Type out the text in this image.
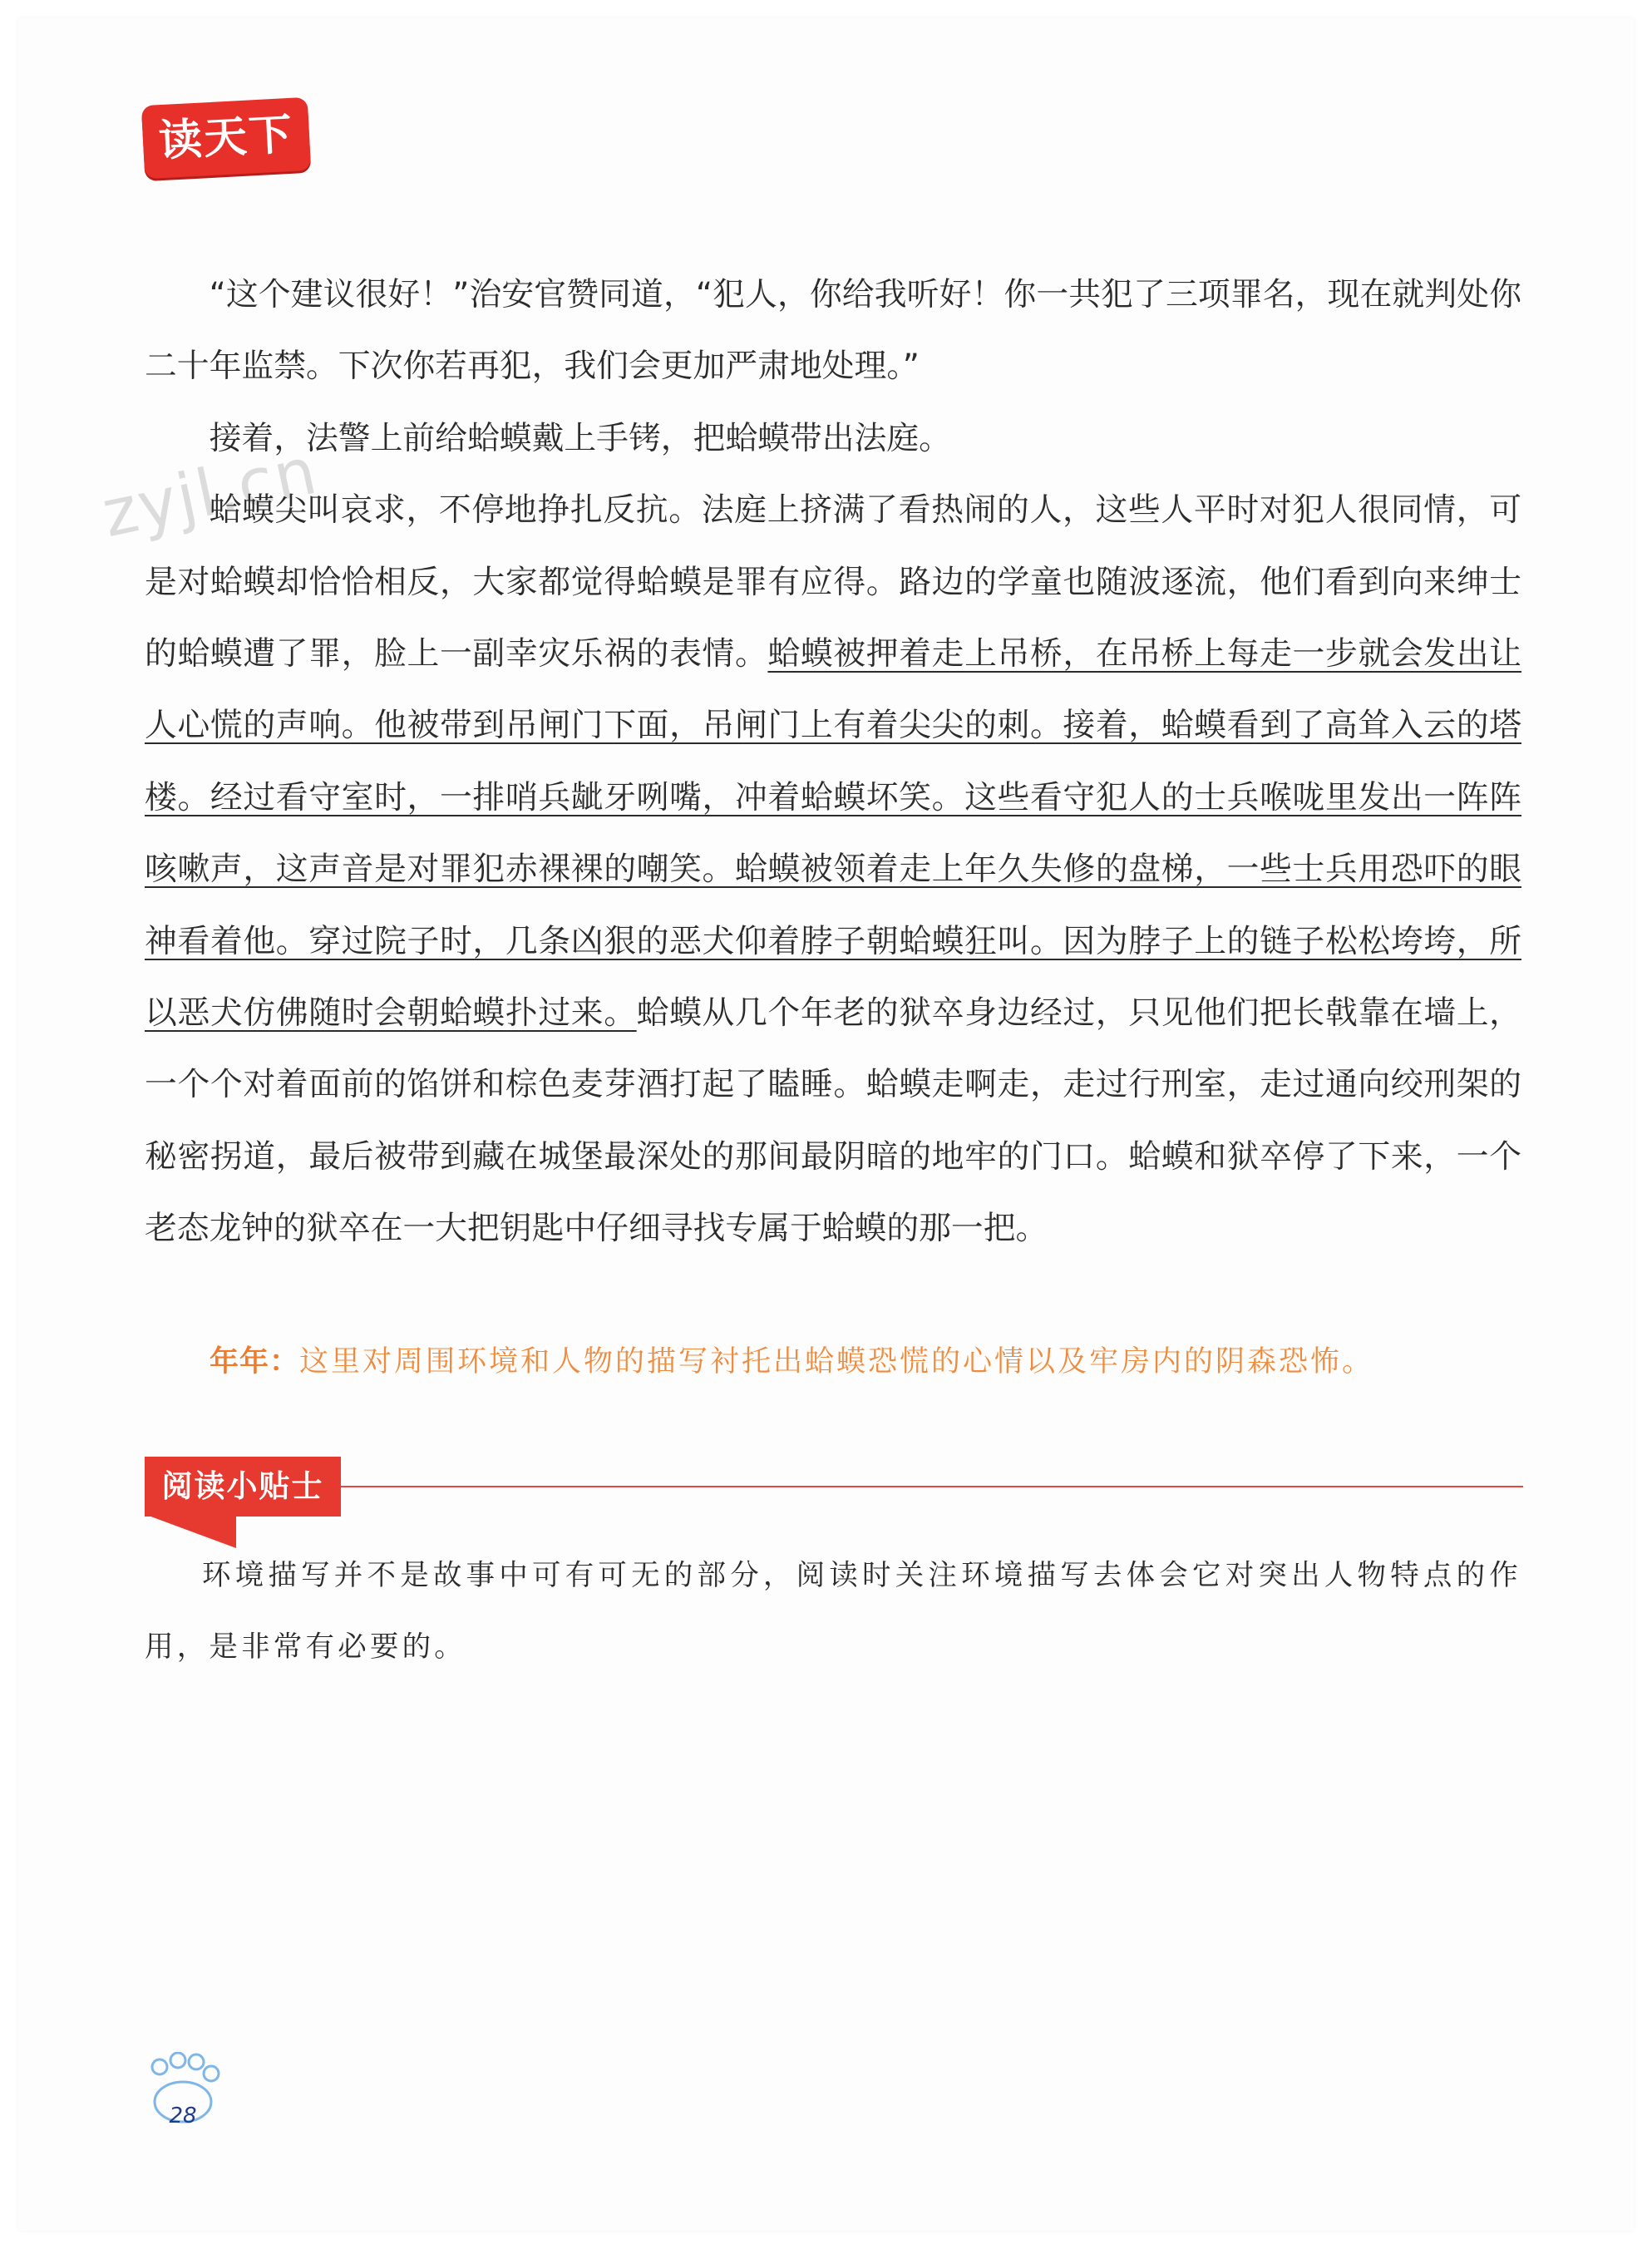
读天下
zyjl.cn

“这个建议很好！”治安官赞同道，“犯人，你给我听好！你一共犯了三项罪名，现在就判处你二十年监禁。下次你若再犯，我们会更加严肃地处理。”

接着，法警上前给蛤蟆戴上手铐，把蛤蟆带出法庭。

蛤蟆尖叫哀求，不停地挣扎反抗。法庭上挤满了看热闹的人，这些人平时对犯人很同情，可是对蛤蟆却恰恰相反，大家都觉得蛤蟆是罪有应得。路边的学童也随波逐流，他们看到向来绅士的蛤蟆遭了罪，脸上一副幸灾乐祸的表情。蛤蟆被押着走上吊桥，在吊桥上每走一步就会发出让人心慌的声响。他被带到吊闸门下面，吊闸门上有着尖尖的刺。接着，蛤蟆看到了高耸入云的塔楼。经过看守室时，一排哨兵龇牙咧嘴，冲着蛤蟆坏笑。这些看守犯人的士兵喉咙里发出一阵阵咳嗽声，这声音是对罪犯赤裸裸的嘲笑。蛤蟆被领着走上年久失修的盘梯，一些士兵用恐吓的眼神看着他。穿过院子时，几条凶狠的恶犬仰着脖子朝蛤蟆狂叫。因为脖子上的链子松松垮垮，所以恶犬仿佛随时会朝蛤蟆扑过来。蛤蟆从几个年老的狱卒身边经过，只见他们把长戟靠在墙上，一个个对着面前的馅饼和棕色麦芽酒打起了瞌睡。蛤蟆走啊走，走过行刑室，走过通向绞刑架的秘密拐道，最后被带到藏在城堡最深处的那间最阴暗的地牢的门口。蛤蟆和狱卒停了下来，一个老态龙钟的狱卒在一大把钥匙中仔细寻找专属于蛤蟆的那一把。

年年：这里对周围环境和人物的描写衬托出蛤蟆恐慌的心情以及牢房内的阴森恐怖。
阅读小贴士

环境描写并不是故事中可有可无的部分，阅读时关注环境描写去体会它对突出人物特点的作用，是非常有必要的。

28
